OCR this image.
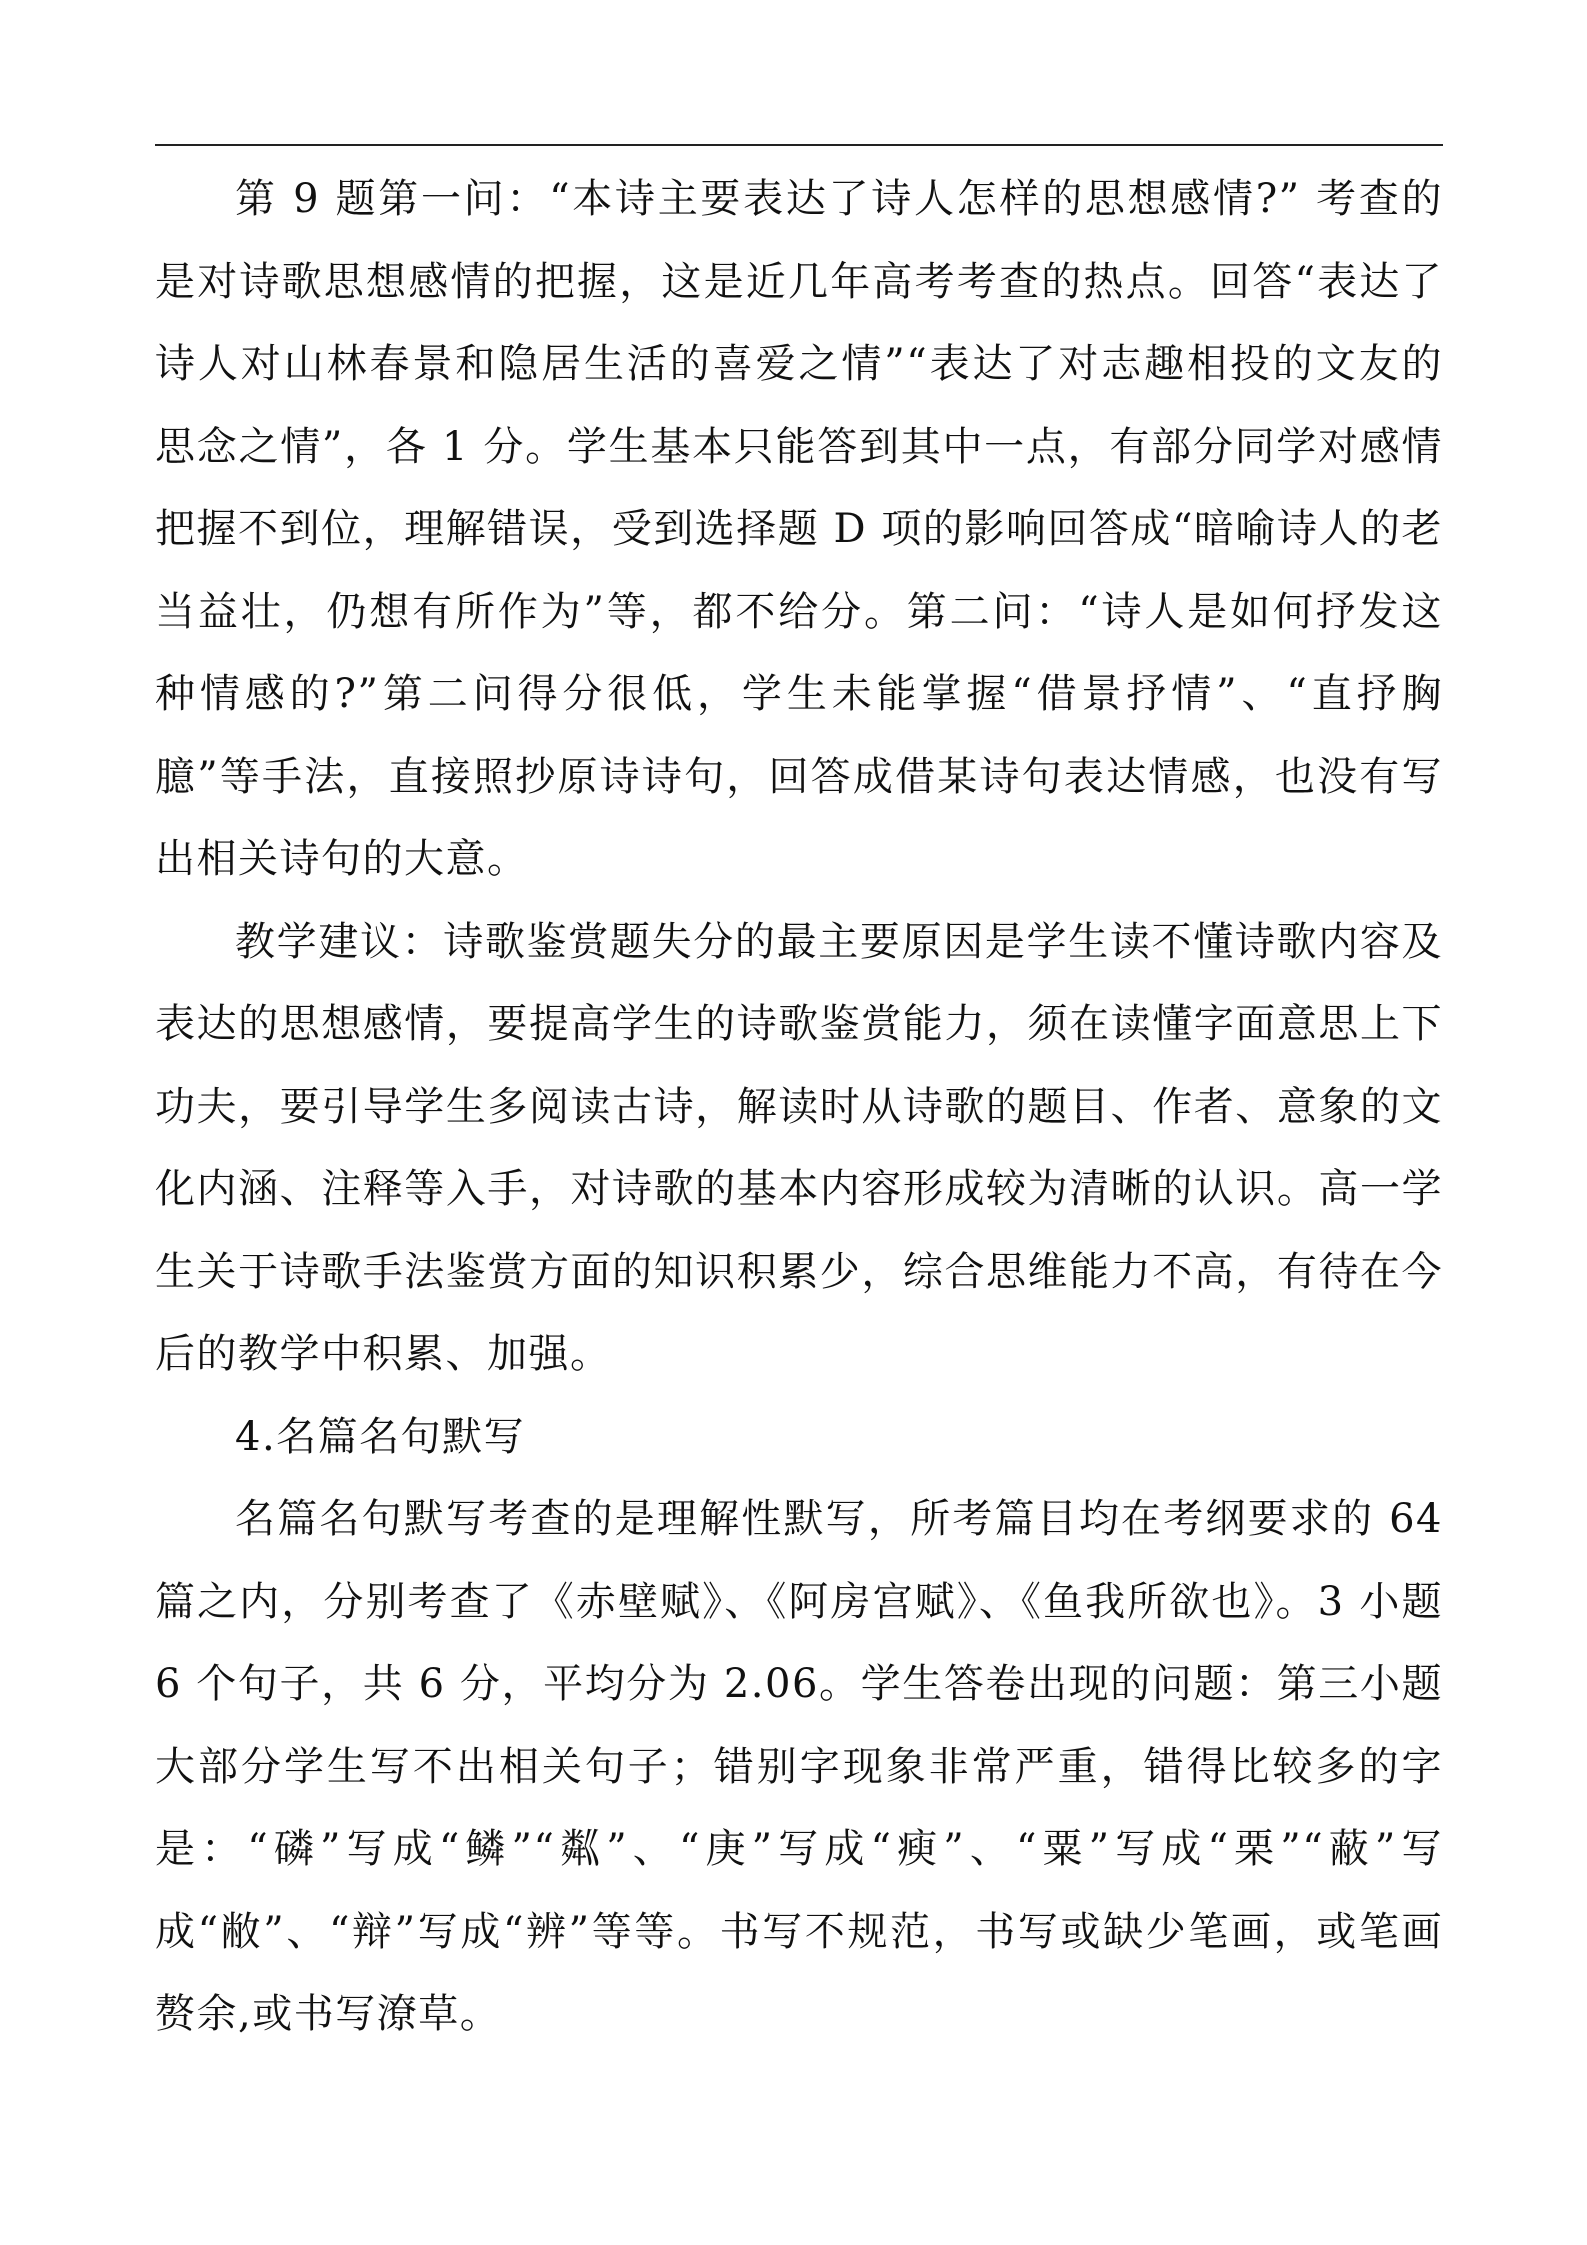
第 9 题第一问：“本诗主要表达了诗人怎样的思想感情?” 考查的是对诗歌思想感情的把握，这是近几年高考考查的热点。回答“表达了诗人对山林春景和隐居生活的喜爱之情”“表达了对志趣相投的文友的思念之情”，各 1 分。学生基本只能答到其中一点，有部分同学对感情把握不到位，理解错误，受到选择题 D 项的影响回答成“暗喻诗人的老当益壮，仍想有所作为”等，都不给分。第二问：“诗人是如何抒发这种情感的?”第二问得分很低，学生未能掌握“借景抒情”、“直抒胸臆”等手法，直接照抄原诗诗句，回答成借某诗句表达情感，也没有写出相关诗句的大意。

教学建议：诗歌鉴赏题失分的最主要原因是学生读不懂诗歌内容及表达的思想感情，要提高学生的诗歌鉴赏能力，须在读懂字面意思上下功夫，要引导学生多阅读古诗，解读时从诗歌的题目、作者、意象的文化内涵、注释等入手，对诗歌的基本内容形成较为清晰的认识。高一学生关于诗歌手法鉴赏方面的知识积累少，综合思维能力不高，有待在今后的教学中积累、加强。

4.名篇名句默写

名篇名句默写考查的是理解性默写，所考篇目均在考纲要求的 64 篇之内，分别考查了《赤壁赋》、《阿房宫赋》、《鱼我所欲也》。3 小题 6 个句子，共 6 分，平均分为 2.06。学生答卷出现的问题：第三小题大部分学生写不出相关句子；错别字现象非常严重，错得比较多的字是：“磷”写成“鳞”“粼”、“庚”写成“瘐”、“粟”写成“栗”“蔽”写成“敝”、“辩”写成“辨”等等。书写不规范，书写或缺少笔画，或笔画赘余,或书写潦草。
